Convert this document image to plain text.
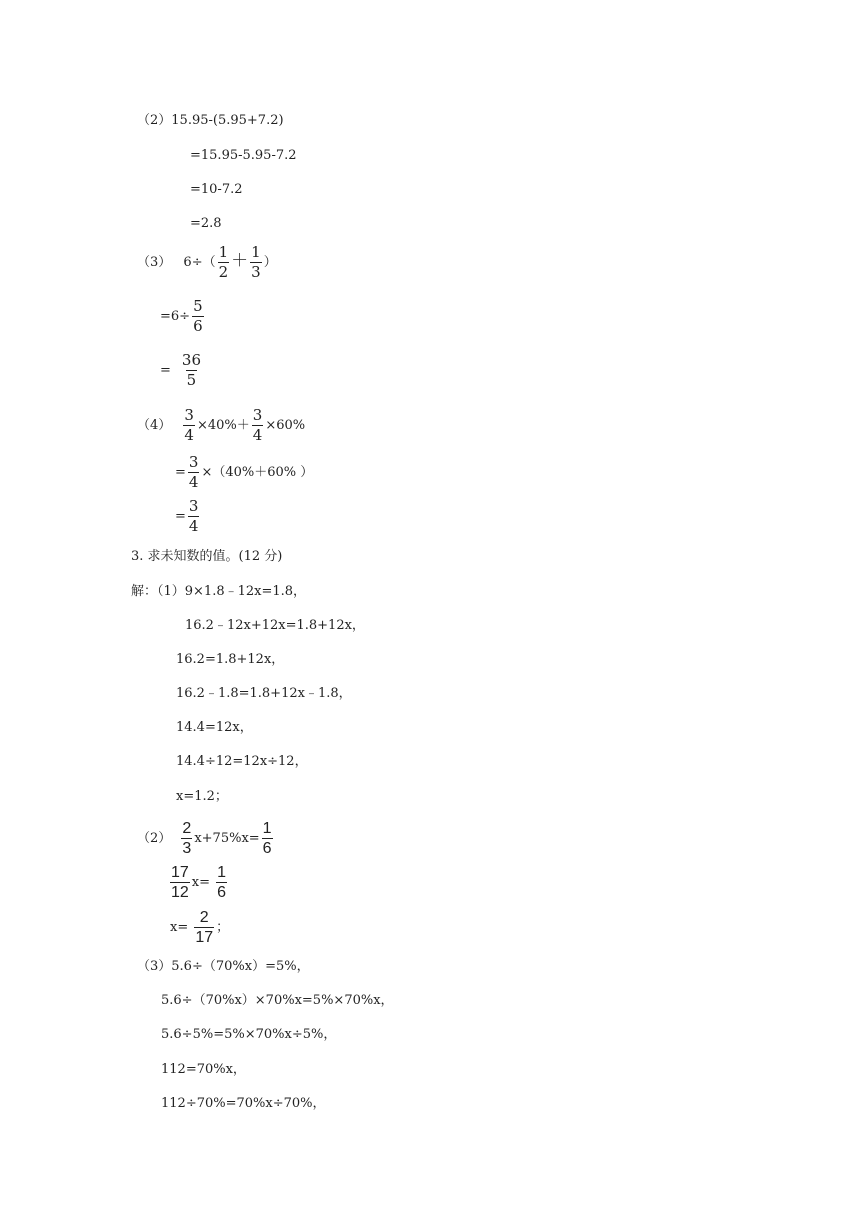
（2）15.95-(5.95+7.2)
=15.95-5.95-7.2
=10-7.2
=2.8
（3） $6\div( \frac{1}{2} + \frac{1}{3}$ ）
$=6\div \frac{5}{6}$
= $\frac{36}{5}$
$(4) \frac{3}{4} \times 40\%+ \frac{3}{4} \times 60\%$
= $\frac{3}{4} \times(40\%+60\%$ ）
= $\frac{3}{4}$
3. 求未知数的值。(12 分)
解：（1）9×1.8﹣12x=1.8，
16.2﹣12x+12x=1.8+12x，
16.2=1.8+12x，
16.2﹣1.8=1.8+12x﹣1.8，
14.4=12x，
14.4÷12=12x÷12，
x=1.2；
$(2) \frac{2}{3} x+75\%x= \frac{1}{6}$
$\frac{17}{12} x= \frac{1}{6}$
$x= \frac{2}{17}$ ；
（3）5.6÷（70%x）=5%，
5.6÷（70%x）×70%x=5%×70%x，
5.6÷5%=5%×70%x÷5%，
112=70%x，
112÷70%=70%x÷70%，
